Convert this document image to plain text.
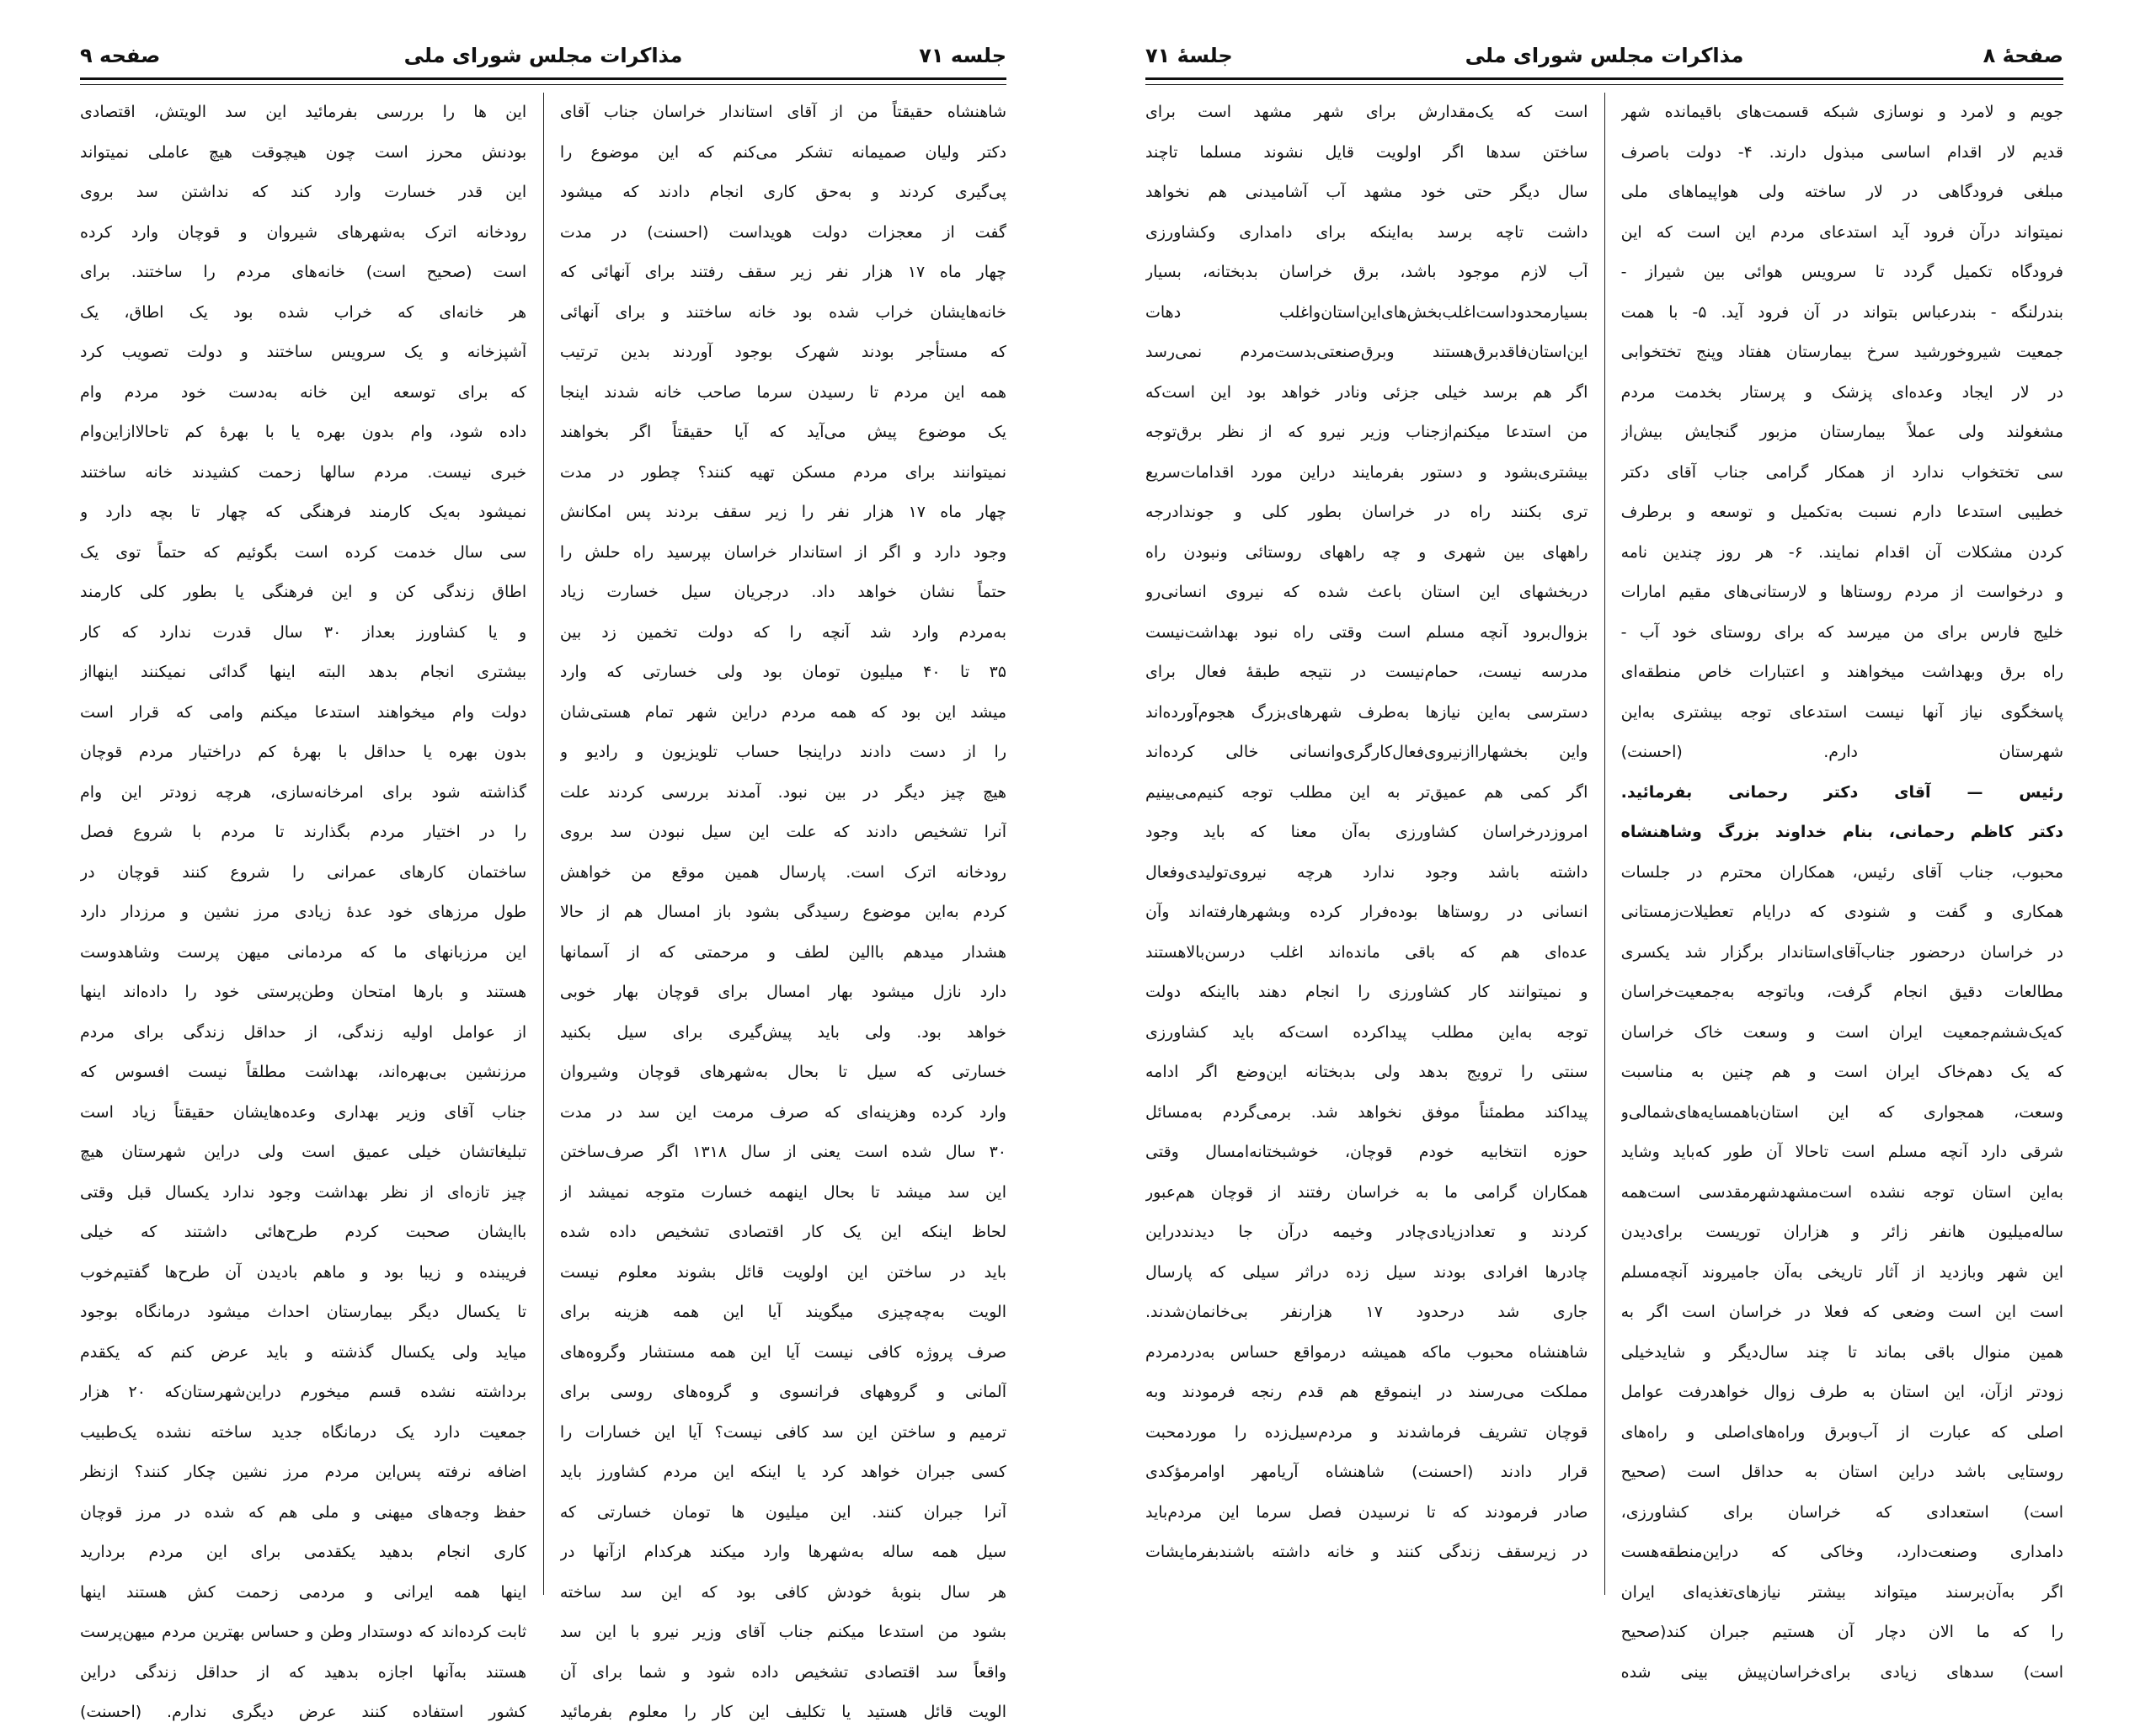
جلسه ۷۱
مذاکرات مجلس شورای ملی
صفحه ۹
شاهنشاه حقیقتاً من از آقای استاندار خراسان جناب آقای
دکتر ولیان صمیمانه تشکر می‌کنم که این موضوع را
پی‌گیری کردند و به‌حق کاری انجام دادند که میشود
گفت از معجزات دولت هویداست (احسنت) در مدت
چهار ماه ۱۷ هزار نفر زیر سقف رفتند برای آنهائی که
خانه‌هایشان خراب شده بود خانه ساختند و برای آنهائی
که مستأجر بودند شهرک بوجود آوردند بدین ترتیب
همه این مردم تا رسیدن سرما صاحب خانه شدند اینجا
یک موضوع پیش می‌آید که آیا حقیقتاً اگر بخواهند
نمیتوانند برای مردم مسکن تهیه کنند؟ چطور در مدت
چهار ماه ۱۷ هزار نفر را زیر سقف بردند پس امکانش
وجود دارد و اگر از استاندار خراسان بپرسید راه حلش را
حتماً نشان خواهد داد. درجریان سیل خسارت زیاد
به‌مردم وارد شد آنچه را که دولت تخمین زد بین
۳۵ تا ۴۰ میلیون تومان بود ولی خسارتی که وارد
میشد این بود که همه مردم دراین شهر تمام هستی‌شان
را از دست دادند دراینجا حساب تلویزیون و رادیو و
هیچ چیز دیگر در بین نبود. آمدند بررسی کردند علت
آنرا تشخیص دادند که علت این سیل نبودن سد بروی
رودخانه اترک است. پارسال همین موقع من خواهش
کردم به‌این موضوع رسیدگی بشود باز امسال هم از حالا
هشدار میدهم باالین لطف و مرحمتی که از آسمانها
دارد نازل میشود بهار امسال برای قوچان بهار خوبی
خواهد بود. ولی باید پیش‌گیری برای سیل بکنید
خسارتی که سیل تا بحال به‌شهرهای قوچان وشیروان
وارد کرده وهزینه‌ای که صرف مرمت این سد در مدت
۳۰ سال شده است یعنی از سال ۱۳۱۸ اگر صرف‌ساختن
این سد میشد تا بحال اینهمه خسارت متوجه نمیشد از
لحاظ اینکه این یک کار اقتصادی تشخیص داده شده
باید در ساختن این اولویت قائل بشوند معلوم نیست
الویت به‌چه‌چیزی میگویند آیا این همه هزینه برای
صرف پروژه کافی نیست آیا این همه مستشار وگروه‌های
آلمانی و گروههای فرانسوی و گروه‌های روسی برای
ترمیم و ساختن این سد کافی نیست؟ آیا این خسارات را
کسی جبران خواهد کرد یا اینکه این مردم کشاورز باید
آنرا جبران کنند. این میلیون ها تومان خسارتی که
سیل همه ساله به‌شهرها وارد میکند هرکدام ازآنها در
هر سال بنوبهٔ خودش کافی بود که این سد ساخته
بشود من استدعا میکنم جناب آقای وزیر نیرو با این سد
واقعاً سد اقتصادی تشخیص داده شود و شما برای آن
الویت قائل هستید یا تکلیف این کار را معلوم بفرمائید
این ها را بررسی بفرمائید این سد الویتش، اقتصادی
بودنش محرز است چون هیچوقت هیچ عاملی نمیتواند
این قدر خسارت وارد کند که نداشتن سد بروی
رودخانه اترک به‌شهرهای شیروان و قوچان وارد کرده
است (صحیح است) خانه‌های مردم را ساختند. برای
هر خانه‌ای که خراب شده بود یک اطاق، یک
آشپزخانه و یک سرویس ساختند و دولت تصویب کرد
که برای توسعه این خانه به‌دست خود مردم وام
داده شود، وام بدون بهره یا با بهرهٔ کم تاحالاازاین‌وام
خبری نیست. مردم سالها زحمت کشیدند خانه ساختند
نمیشود به‌یک کارمند فرهنگی که چهار تا بچه دارد و
سی سال خدمت کرده است بگوئیم که حتماً توی یک
اطاق زندگی کن و این فرهنگی یا بطور کلی کارمند
و یا کشاورز بعداز ۳۰ سال قدرت ندارد که کار
بیشتری انجام بدهد البته اینها گدائی نمیکنند اینهااز
دولت وام میخواهند استدعا میکنم وامی که قرار است
بدون بهره یا حداقل با بهرهٔ کم دراختیار مردم قوچان
گذاشته شود برای امرخانه‌سازی، هرچه زودتر این وام
را در اختیار مردم بگذارند تا مردم با شروع فصل
ساختمان کارهای عمرانی را شروع کنند قوچان در
طول مرزهای خود عدهٔ زیادی مرز نشین و مرزدار دارد
این مرزبانهای ما که مردمانی میهن پرست وشاهدوست
هستند و بارها امتحان وطن‌پرستی خود را داده‌اند اینها
از عوامل اولیه زندگی، از حداقل زندگی برای مردم
مرزنشین بی‌بهره‌اند، بهداشت مطلقاً نیست افسوس که
جناب آقای وزیر بهداری وعده‌هایشان حقیقتاً زیاد است
تبلیغاتشان خیلی عمیق است ولی دراین شهرستان هیچ
چیز تازه‌ای از نظر بهداشت وجود ندارد یکسال قبل وقتی
باایشان صحبت کردم طرح‌هائی داشتند که خیلی
فریبنده و زیبا بود و ماهم بادیدن آن طرح‌ها گفتیم‌خوب
تا یکسال دیگر بیمارستان احداث میشود درمانگاه بوجود
میاید ولی یکسال گذشته و باید عرض کنم که یکقدم
برداشته نشده قسم میخورم دراین‌شهرستان‌که ۲۰ هزار
جمعیت دارد یک درمانگاه جدید ساخته نشده یک‌طبیب
اضافه نرفته پس‌این مردم مرز نشین چکار کنند؟ ازنظر
حفظ وجه‌های میهنی و ملی هم که شده در مرز قوچان
کاری انجام بدهید یکقدمی برای این مردم بردارید
اینها همه ایرانی و مردمی زحمت کش هستند اینها
ثابت کرده‌اند که دوستدار وطن و حساس بهترین مردم میهن‌پرست
هستند به‌آنها اجازه بدهید که از حداقل زندگی دراین
کشور استفاده کنند عرض دیگری ندارم. (احسنت)
صفحهٔ ۸
مذاکرات مجلس شورای ملی
جلسهٔ ۷۱
جویم و لامرد و نوسازی شبکه قسمت‌های باقیمانده شهر
قدیم لار اقدام اساسی مبذول دارند. ۴- دولت باصرف
مبلغی فرودگاهی در لار ساخته ولی هواپیماهای ملی
نمیتواند درآن فرود آید استدعای مردم این است که این
فرودگاه تکمیل گردد تا سرویس هوائی بین شیراز -
بندرلنگه - بندرعباس بتواند در آن فرود آید. ۵- با همت
جمعیت شیروخورشید سرخ بیمارستان هفتاد وپنج تختخوابی
در لار ایجاد وعده‌ای پزشک و پرستار بخدمت مردم
مشغولند ولی عملاً بیمارستان مزبور گنجایش بیش‌از
سی تختخواب ندارد از همکار گرامی جناب آقای دکتر
خطیبی استدعا دارم نسبت به‌تکمیل و توسعه و برطرف
کردن مشکلات آن اقدام نمایند. ۶- هر روز چندین نامه
و درخواست از مردم روستاها و لارستانی‌های مقیم امارات
خلیج فارس برای من میرسد که برای روستای خود آب -
راه برق وبهداشت میخواهند و اعتبارات خاص منطقه‌ای
پاسخگوی نیاز آنها نیست استدعای توجه بیشتری به‌این
شهرستان دارم. (احسنت)
رئیس — آقای دکتر رحمانی بفرمائید.
دکتر کاظم رحمانی، بنام خداوند بزرگ وشاهنشاه
محبوب، جناب آقای رئیس، همکاران محترم در جلسات
همکاری و گفت و شنودی که درایام تعطیلات‌زمستانی
در خراسان درحضور جناب‌آقای‌استاندار برگزار شد یکسری
مطالعات دقیق انجام گرفت، وباتوجه به‌جمعیت‌خراسان
که‌یک‌ششم‌جمعیت ایران است و وسعت خاک خراسان
که یک دهم‌خاک ایران است و هم چنین به مناسبت
وسعت، همجواری که این استان‌باهمسایه‌های‌شمالی‌و
شرقی دارد آنچه مسلم است تاحالا آن طور که‌باید وشاید
به‌این استان توجه نشده است‌مشهدشهرمقدسی است‌همه
ساله‌میلیون هانفر زائر و هزاران توریست برای‌دیدن
این شهر وبازدید از آثار تاریخی به‌آن جامیروند آنچه‌مسلم
است این است وضعی که فعلا در خراسان است اگر به
همین منوال باقی بماند تا چند سال‌دیگر و شایدخیلی
زودتر ازآن، این استان به طرف زوال خواهدرفت عوامل
اصلی که عبارت از آب‌وبرق وراه‌های‌اصلی و راه‌های
روستایی باشد دراین استان به حداقل است (صحیح
است) استعدادی که خراسان برای کشاورزی،
دامداری وصنعت‌دارد، وخاکی که دراین‌منطقه‌هست
اگر به‌آن‌برسند میتواند بیشتر نیازهای‌تغذیه‌ای ایران
را که ما الان دچار آن هستیم جبران کند(صحیح
است) سدهای زیادی برای‌خراسان‌پیش بینی شده
است که یک‌مقدارش برای شهر مشهد است برای
ساختن سدها اگر اولویت قایل نشوند مسلما تاچند
سال دیگر حتی خود مشهد آب آشامیدنی هم نخواهد
داشت تاچه برسد به‌اینکه برای دامداری وکشاورزی
آب لازم موجود باشد، برق خراسان بدبختانه، بسیار
بسیارمحدوداست‌اغلب‌بخش‌های‌این‌استان‌واغلب دهات
این‌استان‌فاقدبرق‌هستند وبرق‌صنعتی‌بدست‌مردم نمی‌رسد
اگر هم برسد خیلی جزئی ونادر خواهد بود این است‌که
من استدعا میکنم‌ازجناب وزیر نیرو که از نظر برق‌توجه
بیشتری‌بشود و دستور بفرمایند دراین مورد اقدامات‌سریع
تری بکنند راه در خراسان بطور کلی و جوندادرجه
راههای بین شهری و چه راههای روستائی ونبودن راه
دربخشهای این استان باعث شده که نیروی انسانی‌رو
بزوال‌برود آنچه مسلم است وقتی راه نبود بهداشت‌نیست
مدرسه نیست، حمام‌نیست در نتیجه طبقهٔ فعال برای
دسترسی به‌این نیازها به‌طرف شهرهای‌بزرگ هجوم‌آورده‌اند
واین بخشهارا‌ازنیروی‌فعال‌کارگری‌وانسانی خالی کرده‌اند
اگر کمی هم عمیق‌تر به این مطلب توجه کنیم‌می‌بینیم
امروزدرخراسان کشاورزی به‌آن معنا که باید وجود
داشته باشد وجود ندارد هرچه نیروی‌تولیدی‌وفعال
انسانی در روستاها بوده‌فرار کرده وبشهرها‌رفته‌اند وآن
عده‌ای هم که باقی مانده‌اند اغلب درسن‌بالا‌هستند
و نمیتوانند کار کشاورزی را انجام دهند بااینکه دولت
توجه به‌این مطلب پیداکرده است‌که باید کشاورزی
سنتی را ترویج بدهد ولی بدبختانه این‌وضع اگر ادامه
پیداکند مطمئناً موفق نخواهد شد. برمی‌گردم به‌مسائل
حوزه انتخابیه خودم قوچان، خوشبختانه‌امسال وقتی
همکاران گرامی ما به خراسان رفتند از قوچان هم‌عبور
کردند و تعدادزیادی‌چادر وخیمه درآن جا دیدنددراین
چادرها افرادی بودند سیل زده دراثر سیلی که پارسال
جاری شد درحدود ۱۷ هزارنفر بی‌خانمان‌شدند.
شاهنشاه محبوب ما‌که همیشه درمواقع حساس به‌دردمردم
مملکت می‌رسند در اینموقع هم قدم رنجه فرمودند وبه
قوچان تشریف فرماشدند و مردم‌سیل‌زده را موردمحبت
قرار دادند (احسنت) شاهنشاه آریامهر اوامرمؤکدی
صادر فرمودند که تا نرسیدن فصل سرما این مردم‌باید
در زیرسقف زندگی کنند و خانه داشته باشندبفرمایشات
